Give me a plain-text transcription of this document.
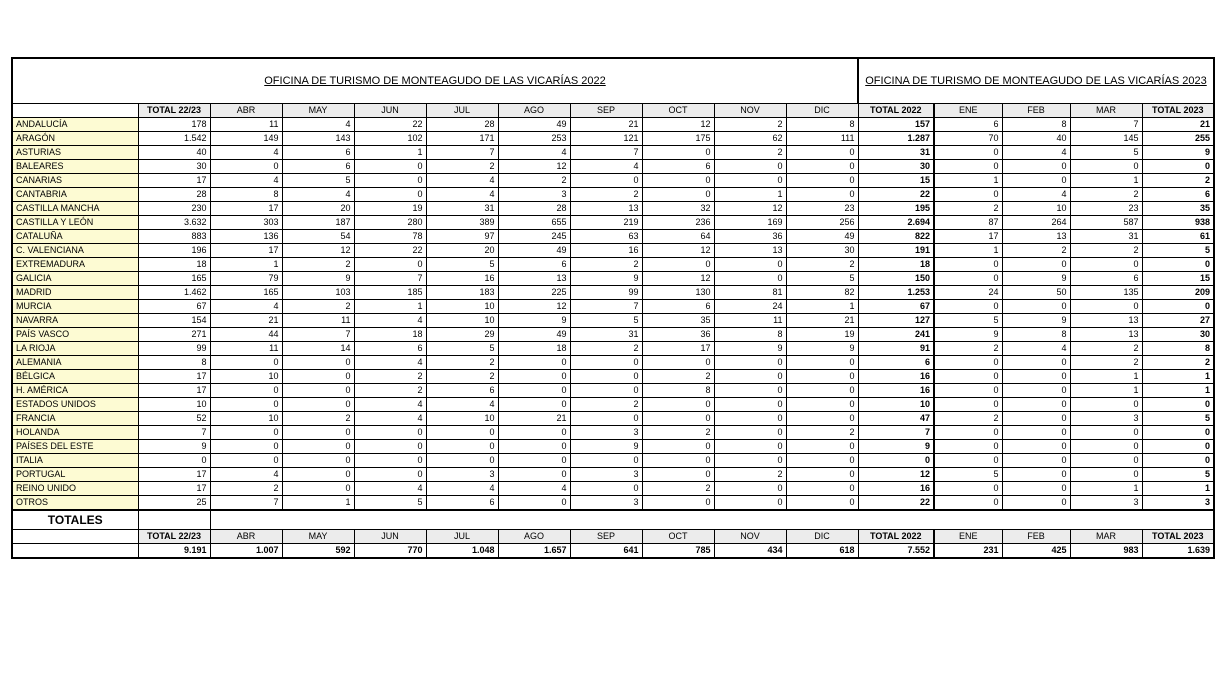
OFICINA DE TURISMO DE MONTEAGUDO DE LAS VICARÍAS 2022											OFICINA DE TURISMO DE MONTEAGUDO DE LAS VICARÍAS 2023				
	TOTAL 22/23	ABR	MAY	JUN	JUL	AGO	SEP	OCT	NOV	DIC	TOTAL 2022	ENE	FEB	MAR	TOTAL 2023
ANDALUCÍA	178	11	4	22	28	49	21	12	2	8	157	6	8	7	21
ARAGÓN	1.542	149	143	102	171	253	121	175	62	111	1.287	70	40	145	255
ASTURIAS	40	4	6	1	7	4	7	0	2	0	31	0	4	5	9
BALEARES	30	0	6	0	2	12	4	6	0	0	30	0	0	0	0
CANARIAS	17	4	5	0	4	2	0	0	0	0	15	1	0	1	2
CANTABRIA	28	8	4	0	4	3	2	0	1	0	22	0	4	2	6
CASTILLA MANCHA	230	17	20	19	31	28	13	32	12	23	195	2	10	23	35
CASTILLA Y LEÓN	3.632	303	187	280	389	655	219	236	169	256	2.694	87	264	587	938
CATALUÑA	883	136	54	78	97	245	63	64	36	49	822	17	13	31	61
C. VALENCIANA	196	17	12	22	20	49	16	12	13	30	191	1	2	2	5
EXTREMADURA	18	1	2	0	5	6	2	0	0	2	18	0	0	0	0
GALICIA	165	79	9	7	16	13	9	12	0	5	150	0	9	6	15
MADRID	1.462	165	103	185	183	225	99	130	81	82	1.253	24	50	135	209
MURCIA	67	4	2	1	10	12	7	6	24	1	67	0	0	0	0
NAVARRA	154	21	11	4	10	9	5	35	11	21	127	5	9	13	27
PAÍS VASCO	271	44	7	18	29	49	31	36	8	19	241	9	8	13	30
LA RIOJA	99	11	14	6	5	18	2	17	9	9	91	2	4	2	8
ALEMANIA	8	0	0	4	2	0	0	0	0	0	6	0	0	2	2
BÉLGICA	17	10	0	2	2	0	0	2	0	0	16	0	0	1	1
H. AMÉRICA	17	0	0	2	6	0	0	8	0	0	16	0	0	1	1
ESTADOS UNIDOS	10	0	0	4	4	0	2	0	0	0	10	0	0	0	0
FRANCIA	52	10	2	4	10	21	0	0	0	0	47	2	0	3	5
HOLANDA	7	0	0	0	0	0	3	2	0	2	7	0	0	0	0
PAÍSES DEL ESTE	9	0	0	0	0	0	9	0	0	0	9	0	0	0	0
ITALIA	0	0	0	0	0	0	0	0	0	0	0	0	0	0	0
PORTUGAL	17	4	0	0	3	0	3	0	2	0	12	5	0	0	5
REINO UNIDO	17	2	0	4	4	4	0	2	0	0	16	0	0	1	1
OTROS	25	7	1	5	6	0	3	0	0	0	22	0	0	3	3
TOTALES															
	TOTAL 22/23	ABR	MAY	JUN	JUL	AGO	SEP	OCT	NOV	DIC	TOTAL 2022	ENE	FEB	MAR	TOTAL 2023
	9.191	1.007	592	770	1.048	1.657	641	785	434	618	7.552	231	425	983	1.639
